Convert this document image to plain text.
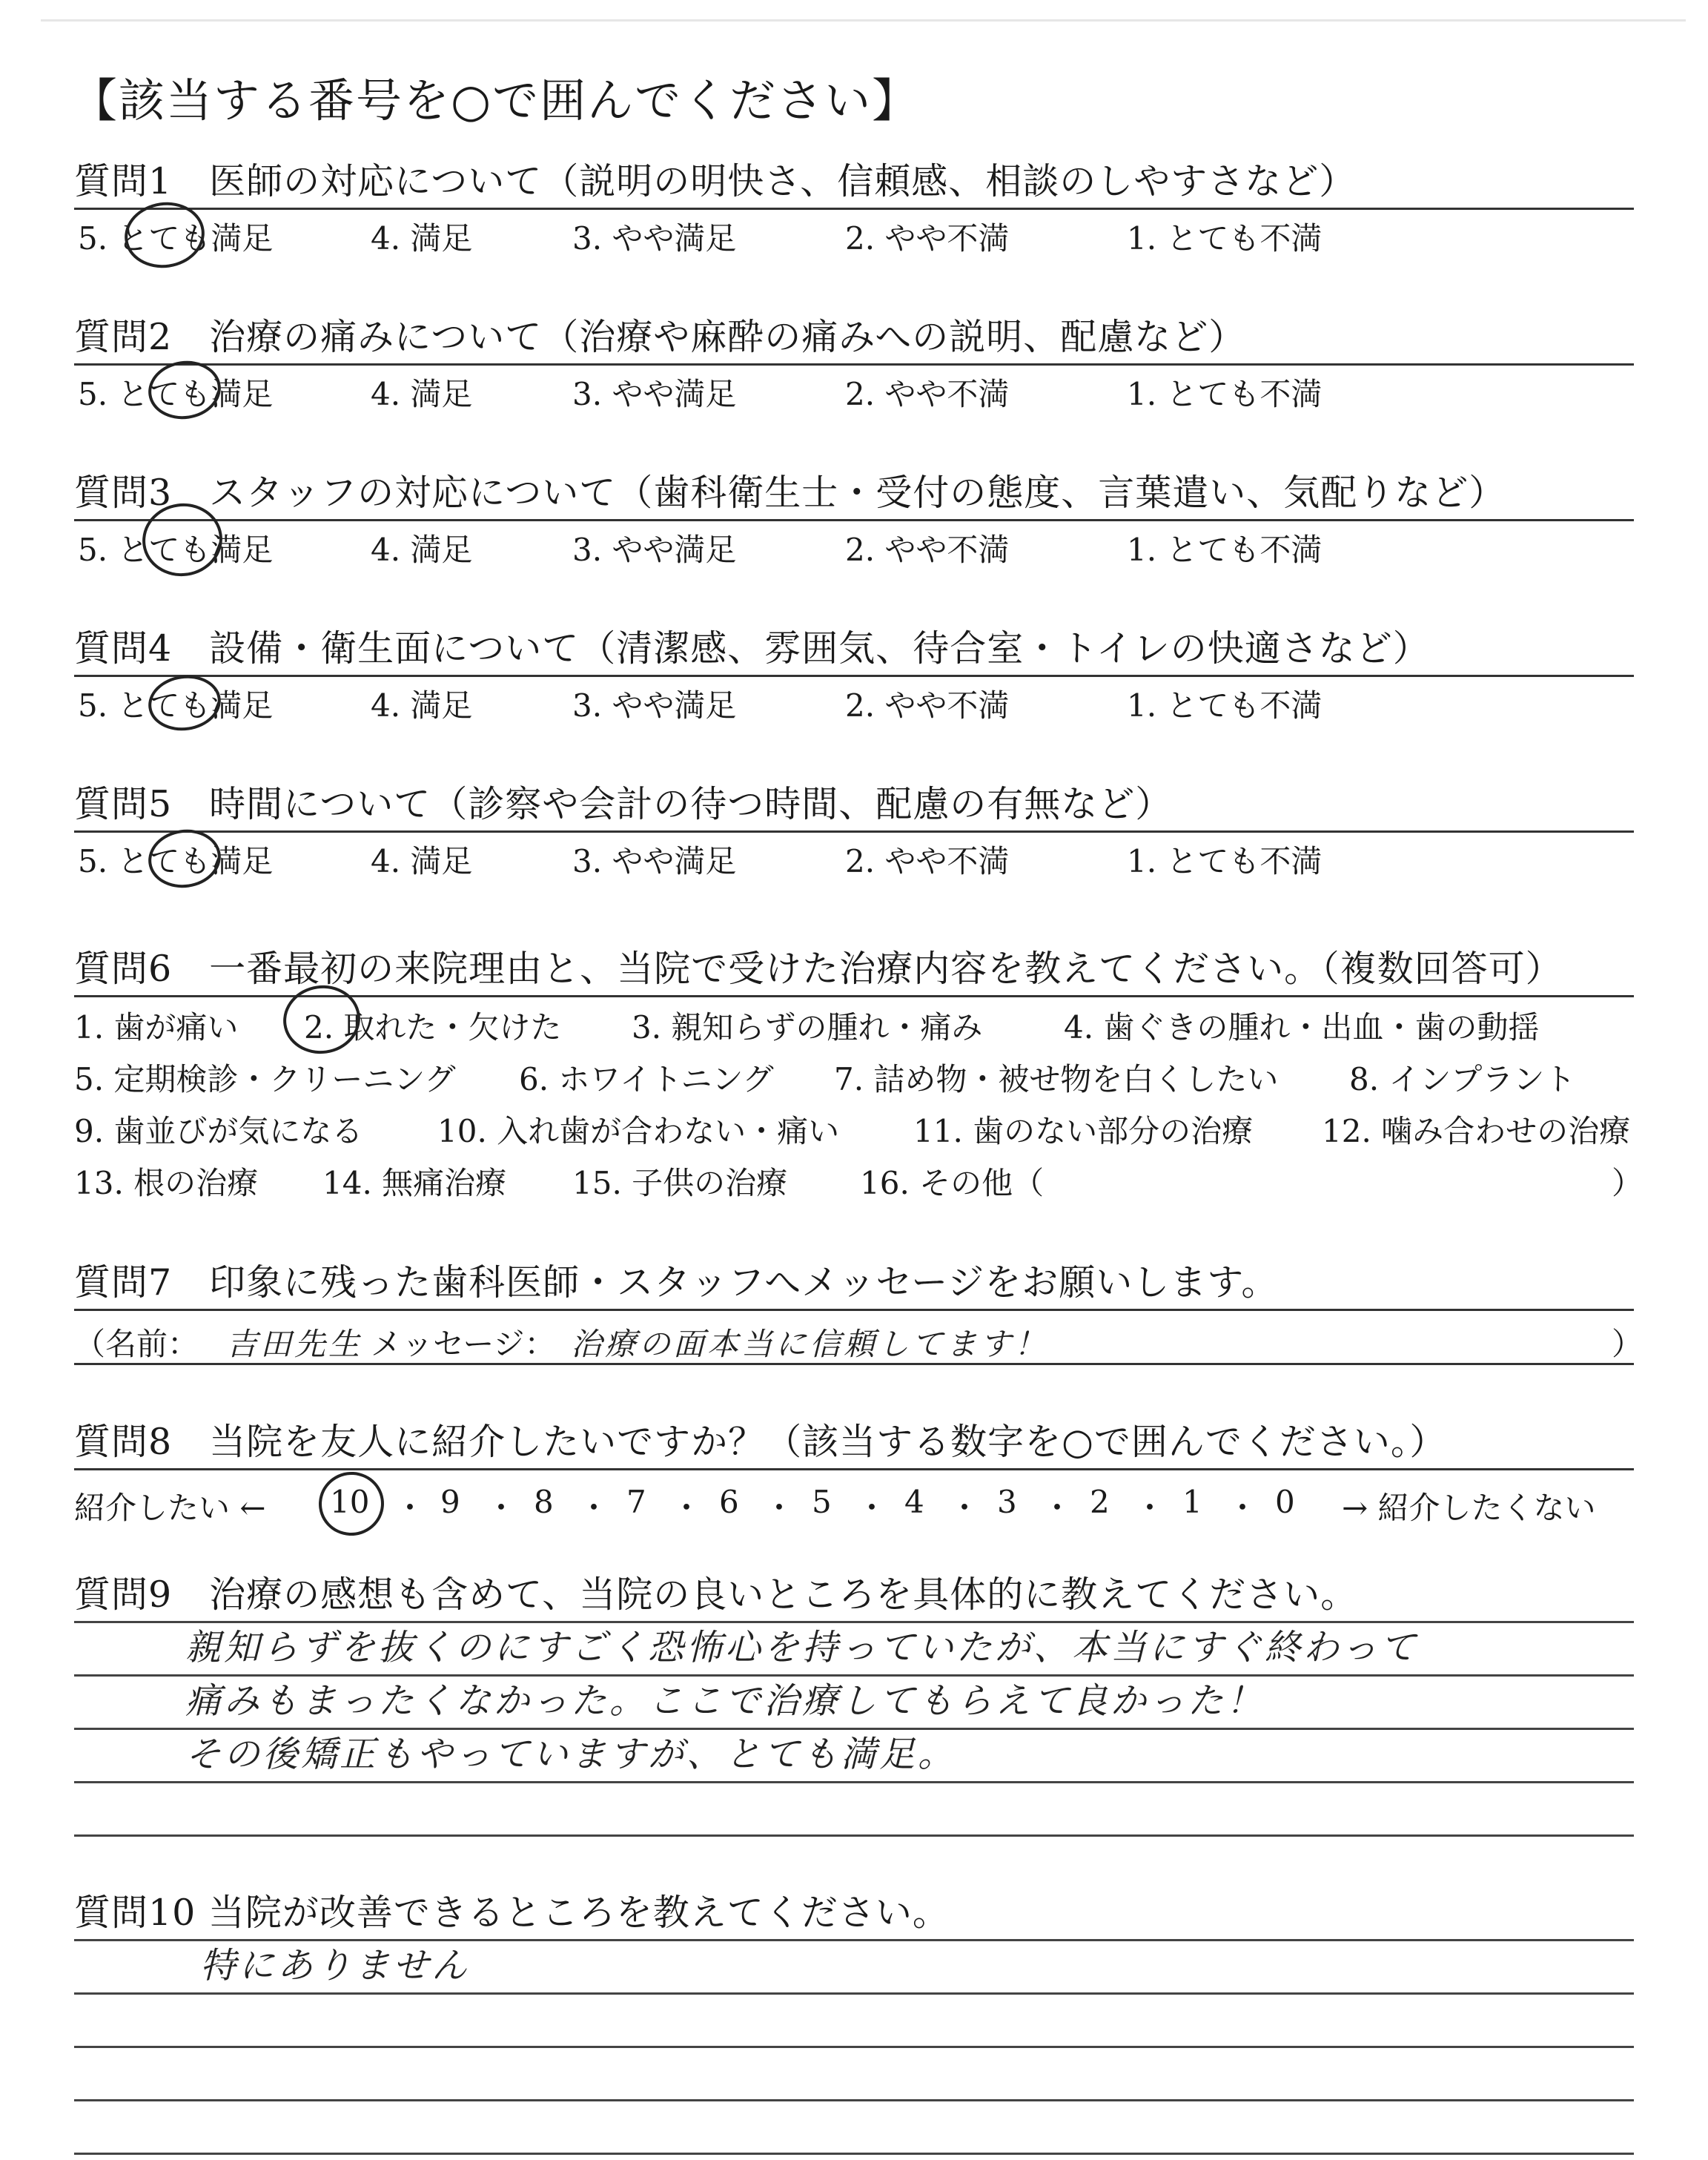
【該当する番号を○で囲んでください】
質問1　医師の対応について（説明の明快さ、信頼感、相談のしやすさなど）
5. とても満足	4. 満足	3. やや満足	2. やや不満	1. とても不満
質問2　治療の痛みについて（治療や麻酔の痛みへの説明、配慮など）
5. とても満足	4. 満足	3. やや満足	2. やや不満	1. とても不満
質問3　スタッフの対応について（歯科衛生士・受付の態度、言葉遣い、気配りなど）
5. とても満足	4. 満足	3. やや満足	2. やや不満	1. とても不満
質問4　設備・衛生面について（清潔感、雰囲気、待合室・トイレの快適さなど）
5. とても満足	4. 満足	3. やや満足	2. やや不満	1. とても不満
質問5　時間について（診察や会計の待つ時間、配慮の有無など）
5. とても満足	4. 満足	3. やや満足	2. やや不満	1. とても不満
質問6　一番最初の来院理由と、当院で受けた治療内容を教えてください。（複数回答可）
1. 歯が痛い 2. 取れた・欠けた 3. 親知らずの腫れ・痛み	4. 歯ぐきの腫れ・出血・歯の動揺
5. 定期検診・クリーニング 6. ホワイトニング 7. 詰め物・被せ物を白くしたい 8. インプラント
9. 歯並びが気になる 10. 入れ歯が合わない・痛い 11. 歯のない部分の治療 12. 噛み合わせの治療
13. 根の治療 14. 無痛治療 15. 子供の治療 16. その他（	）
質問7　印象に残った歯科医師・スタッフへメッセージをお願いします。
（名前： 吉田先生 メッセージ： 治療の面本当に信頼してます！	）
質問8　当院を友人に紹介したいですか？（該当する数字を○で囲んでください。）
紹介したい ← 10 ・ 9 ・ 8 ・ 7 ・ 6 ・ 5 ・ 4 ・ 3 ・ 2 ・ 1 ・ 0 → 紹介したくない
質問9　治療の感想も含めて、当院の良いところを具体的に教えてください。
親知らずを抜くのにすごく恐怖心を持っていたが、本当にすぐ終わって
痛みもまったくなかった。ここで治療してもらえて良かった！
その後矯正もやっていますが、とても満足。
質問10 当院が改善できるところを教えてください。
特にありません
